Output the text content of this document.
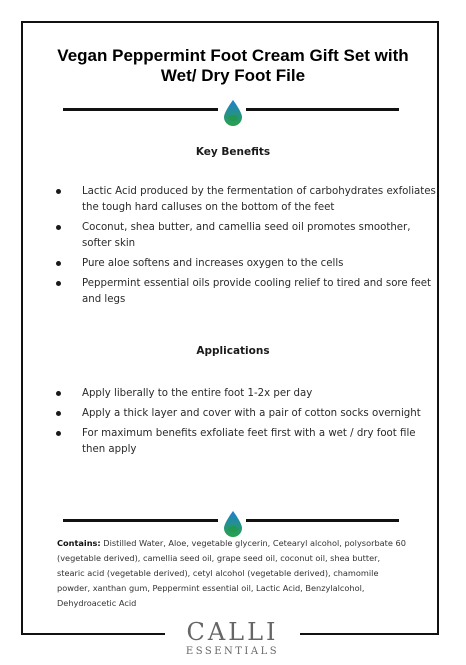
Vegan Peppermint Foot Cream Gift Set with Wet/ Dry Foot File
Key Benefits
Lactic Acid produced by the fermentation of carbohydrates exfoliates the tough hard calluses on the bottom of the feet
Coconut, shea butter, and camellia seed oil promotes smoother, softer skin
Pure aloe softens and increases oxygen to the cells
Peppermint essential oils provide cooling relief to tired and sore feet and legs
Applications
Apply liberally to the entire foot 1-2x per day
Apply a thick layer and cover with a pair of cotton socks overnight
For maximum benefits exfoliate feet first with a wet / dry foot file then apply

Contains: Distilled Water, Aloe, vegetable glycerin, Cetearyl alcohol, polysorbate 60 (vegetable derived), camellia seed oil, grape seed oil, coconut oil, shea butter, stearic acid (vegetable derived), cetyl alcohol (vegetable derived), chamomile powder, xanthan gum, Peppermint essential oil, Lactic Acid, Benzylalcohol, Dehydroacetic Acid

CALLI
ESSENTIALS
